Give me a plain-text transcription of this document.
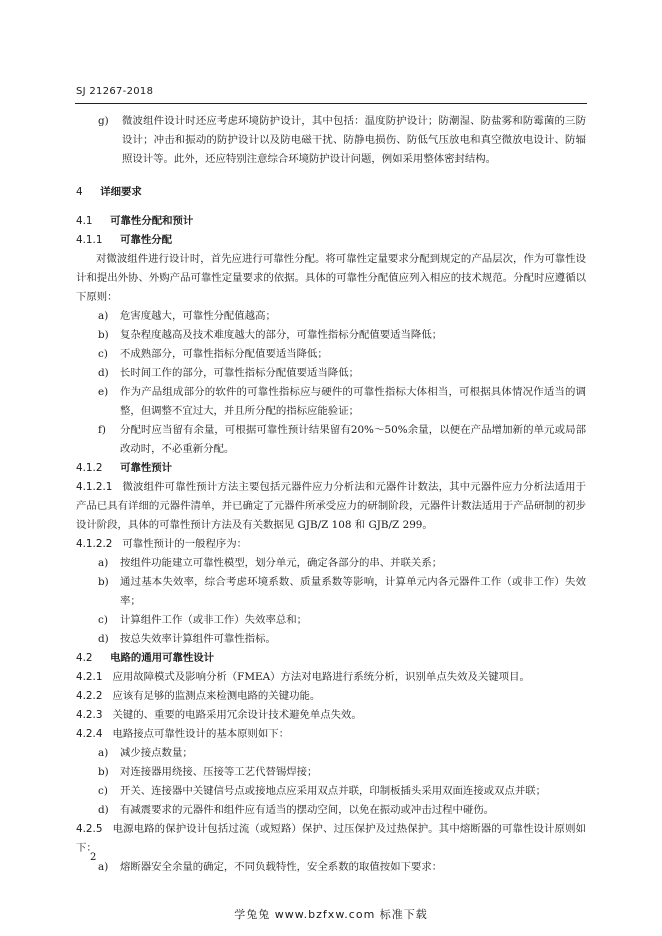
SJ 21267-2018
g) 微波组件设计时还应考虑环境防护设计，其中包括：温度防护设计；防潮湿、防盐雾和防霉菌的三防设计；冲击和振动的防护设计以及防电磁干扰、防静电损伤、防低气压放电和真空微放电设计、防辐照设计等。此外，还应特别注意综合环境防护设计问题，例如采用整体密封结构。
4 详细要求
4.1 可靠性分配和预计
4.1.1 可靠性分配
对微波组件进行设计时，首先应进行可靠性分配。将可靠性定量要求分配到规定的产品层次，作为可靠性设计和提出外协、外购产品可靠性定量要求的依据。具体的可靠性分配值应列入相应的技术规范。分配时应遵循以下原则：
a) 危害度越大，可靠性分配值越高；
b) 复杂程度越高及技术难度越大的部分，可靠性指标分配值要适当降低；
c) 不成熟部分，可靠性指标分配值要适当降低；
d) 长时间工作的部分，可靠性指标分配值要适当降低；
e) 作为产品组成部分的软件的可靠性指标应与硬件的可靠性指标大体相当，可根据具体情况作适当的调整，但调整不宜过大，并且所分配的指标应能验证；
f) 分配时应当留有余量，可根据可靠性预计结果留有20%～50%余量，以便在产品增加新的单元或局部改动时，不必重新分配。
4.1.2 可靠性预计
4.1.2.1 微波组件可靠性预计方法主要包括元器件应力分析法和元器件计数法，其中元器件应力分析法适用于产品已具有详细的元器件清单，并已确定了元器件所承受应力的研制阶段，元器件计数法适用于产品研制的初步设计阶段，具体的可靠性预计方法及有关数据见 GJB/Z 108 和 GJB/Z 299。
4.1.2.2 可靠性预计的一般程序为：
a) 按组件功能建立可靠性模型，划分单元，确定各部分的串、并联关系；
b) 通过基本失效率，综合考虑环境系数、质量系数等影响，计算单元内各元器件工作（或非工作）失效率；
c) 计算组件工作（或非工作）失效率总和；
d) 按总失效率计算组件可靠性指标。
4.2 电路的通用可靠性设计
4.2.1 应用故障模式及影响分析（FMEA）方法对电路进行系统分析，识别单点失效及关键项目。
4.2.2 应该有足够的监测点来检测电路的关键功能。
4.2.3 关键的、重要的电路采用冗余设计技术避免单点失效。
4.2.4 电路接点可靠性设计的基本原则如下：
a) 减少接点数量；
b) 对连接器用绕接、压接等工艺代替锡焊接；
c) 开关、连接器中关键信号点或接地点应采用双点并联，印制板插头采用双面连接或双点并联；
d) 有减震要求的元器件和组件应有适当的摆动空间，以免在振动或冲击过程中碰伤。
4.2.5 电源电路的保护设计包括过流（或短路）保护、过压保护及过热保护。其中熔断器的可靠性设计原则如下：
a) 熔断器安全余量的确定，不同负载特性，安全系数的取值按如下要求：
2
学兔兔 www.bzfxw.com 标准下载
